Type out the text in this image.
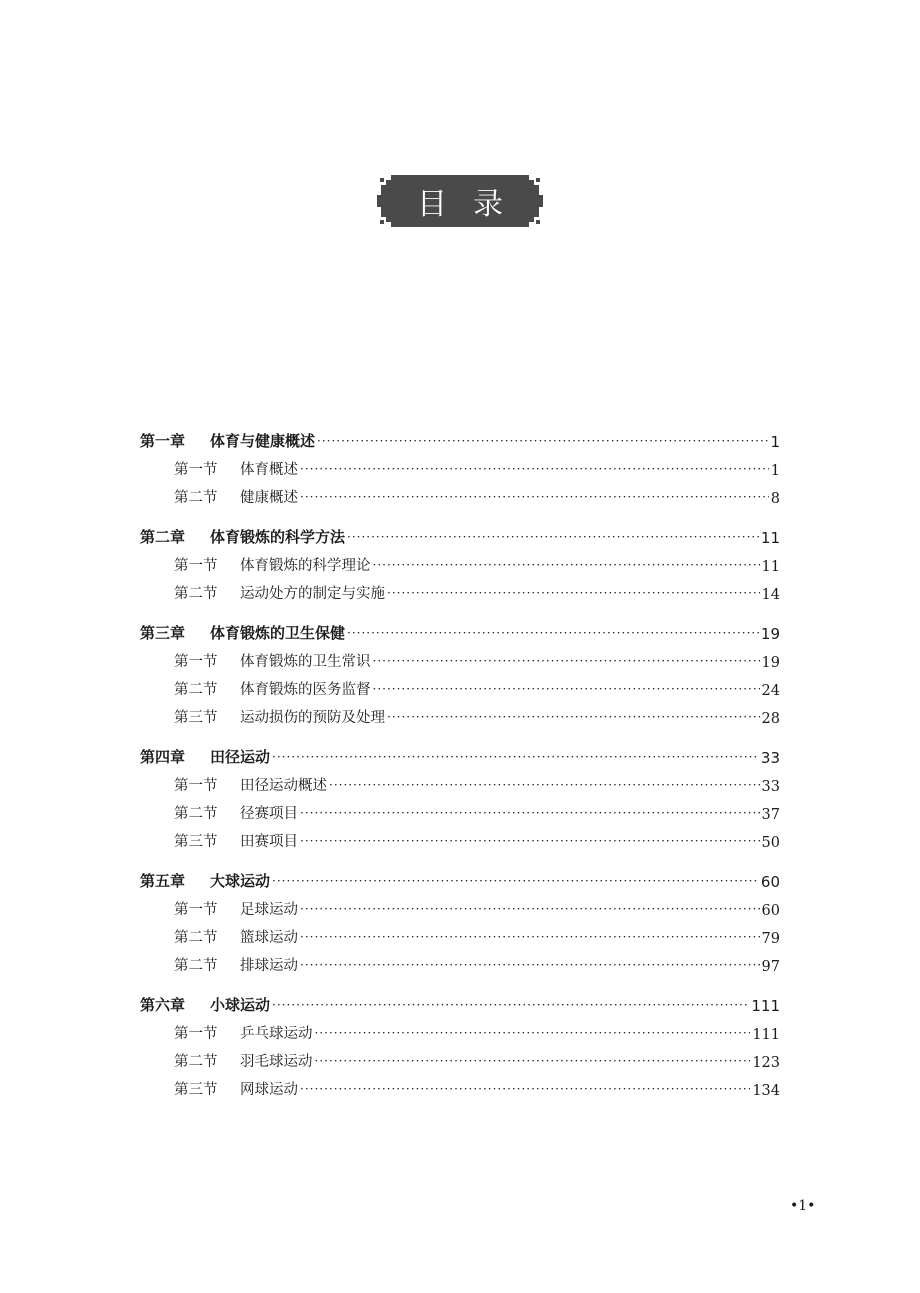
目录
第一章	体育与健康概述 ·····	1
第一节	体育概述 ·····	1
第二节	健康概述 ·····	8
第二章	体育锻炼的科学方法 ·····	11
第一节	体育锻炼的科学理论 ·····	11
第二节	运动处方的制定与实施 ·····	14
第三章	体育锻炼的卫生保健 ·····	19
第一节	体育锻炼的卫生常识 ·····	19
第二节	体育锻炼的医务监督 ·····	24
第三节	运动损伤的预防及处理 ·····	28
第四章	田径运动 ·····	33
第一节	田径运动概述 ·····	33
第二节	径赛项目 ·····	37
第三节	田赛项目 ·····	50
第五章	大球运动 ·····	60
第一节	足球运动 ·····	60
第二节	篮球运动 ·····	79
第二节	排球运动 ·····	97
第六章	小球运动 ·····	111
第一节	乒乓球运动 ·····	111
第二节	羽毛球运动 ·····	123
第三节	网球运动 ·····	134
•1•
